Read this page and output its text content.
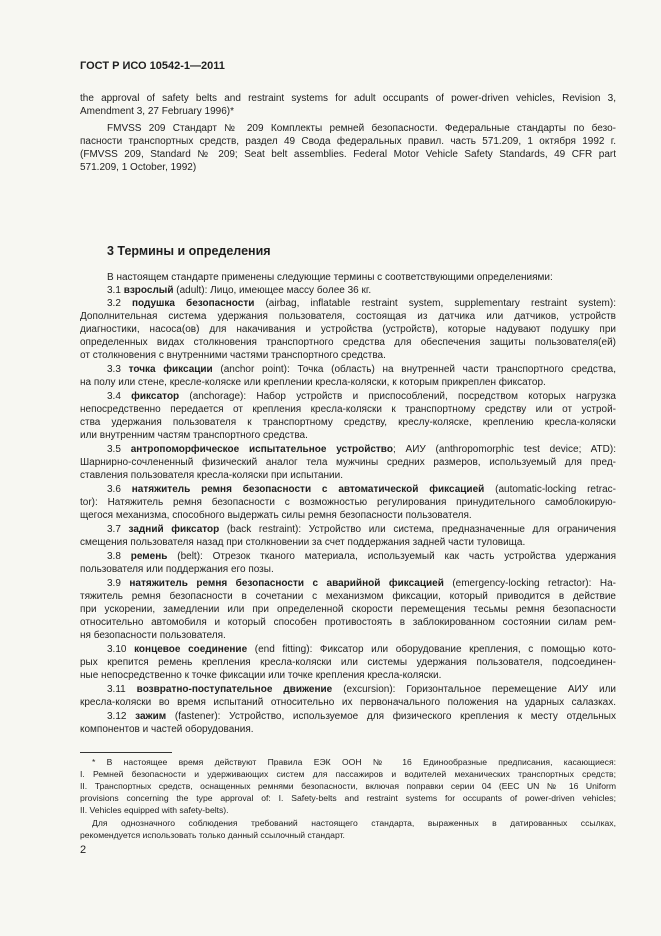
ГОСТ Р ИСО 10542-1—2011
the approval of safety belts and restraint systems for adult occupants of power-driven vehicles, Revision 3,
Amendment 3, 27 February 1996)*
FMVSS 209 Стандарт № 209 Комплекты ремней безопасности. Федеральные стандарты по безо-
пасности транспортных средств, раздел 49 Свода федеральных правил. часть 571.209, 1 октября 1992 г.
(FMVSS 209, Standard № 209; Seat belt assemblies. Federal Motor Vehicle Safety Standards, 49 CFR part
571.209, 1 October, 1992)
3 Термины и определения
В настоящем стандарте применены следующие термины с соответствующими определениями:
3.1 взрослый (adult): Лицо, имеющее массу более 36 кг.
3.2 подушка безопасности (airbag, inflatable restraint system, supplementary restraint system):
Дополнительная система удержания пользователя, состоящая из датчика или датчиков, устройств
диагностики, насоса(ов) для накачивания и устройства (устройств), которые надувают подушку при
определенных видах столкновения транспортного средства для обеспечения защиты пользователя(ей)
от столкновения с внутренними частями транспортного средства.
3.3 точка фиксации (anchor point): Точка (область) на внутренней части транспортного средства,
на полу или стене, кресле-коляске или креплении кресла-коляски, к которым прикреплен фиксатор.
3.4 фиксатор (anchorage): Набор устройств и приспособлений, посредством которых нагрузка
непосредственно передается от крепления кресла-коляски к транспортному средству или от устрой-
ства удержания пользователя к транспортному средству, креслу-коляске, креплению кресла-коляски
или внутренним частям транспортного средства.
3.5 антропоморфическое испытательное устройство; АИУ (anthropomorphic test device; ATD):
Шарнирно-сочлененный физический аналог тела мужчины средних размеров, используемый для пред-
ставления пользователя кресла-коляски при испытании.
3.6 натяжитель ремня безопасности с автоматической фиксацией (automatic-locking retrac-
tor): Натяжитель ремня безопасности с возможностью регулирования принудительного самоблокирую-
щегося механизма, способного выдержать силы ремня безопасности пользователя.
3.7 задний фиксатор (back restraint): Устройство или система, предназначенные для ограничения
смещения пользователя назад при столкновении за счет поддержания задней части туловища.
3.8 ремень (belt): Отрезок тканого материала, используемый как часть устройства удержания
пользователя или поддержания его позы.
3.9 натяжитель ремня безопасности с аварийной фиксацией (emergency-locking retractor): На-
тяжитель ремня безопасности в сочетании с механизмом фиксации, который приводится в действие
при ускорении, замедлении или при определенной скорости перемещения тесьмы ремня безопасности
относительно автомобиля и который способен противостоять в заблокированном состоянии силам рем-
ня безопасности пользователя.
3.10 концевое соединение (end fitting): Фиксатор или оборудование крепления, с помощью кото-
рых крепится ремень крепления кресла-коляски или системы удержания пользователя, подсоединен-
ные непосредственно к точке фиксации или точке крепления кресла-коляски.
3.11 возвратно-поступательное движение (excursion): Горизонтальное перемещение АИУ или
кресла-коляски во время испытаний относительно их первоначального положения на ударных салазках.
3.12 зажим (fastener): Устройство, используемое для физического крепления к месту отдельных
компонентов и частей оборудования.
* В настоящее время действуют Правила ЕЭК ООН № 16 Единообразные предписания, касающиеся:
I. Ремней безопасности и удерживающих систем для пассажиров и водителей механических транспортных средств;
II. Транспортных средств, оснащенных ремнями безопасности, включая поправки серии 04 (EEC UN № 16 Uniform
provisions concerning the type approval of: I. Safety-belts and restraint systems for occupants of power-driven vehicles;
II. Vehicles equipped with safety-belts).
Для однозначного соблюдения требований настоящего стандарта, выраженных в датированных ссылках,
рекомендуется использовать только данный ссылочный стандарт.
2
